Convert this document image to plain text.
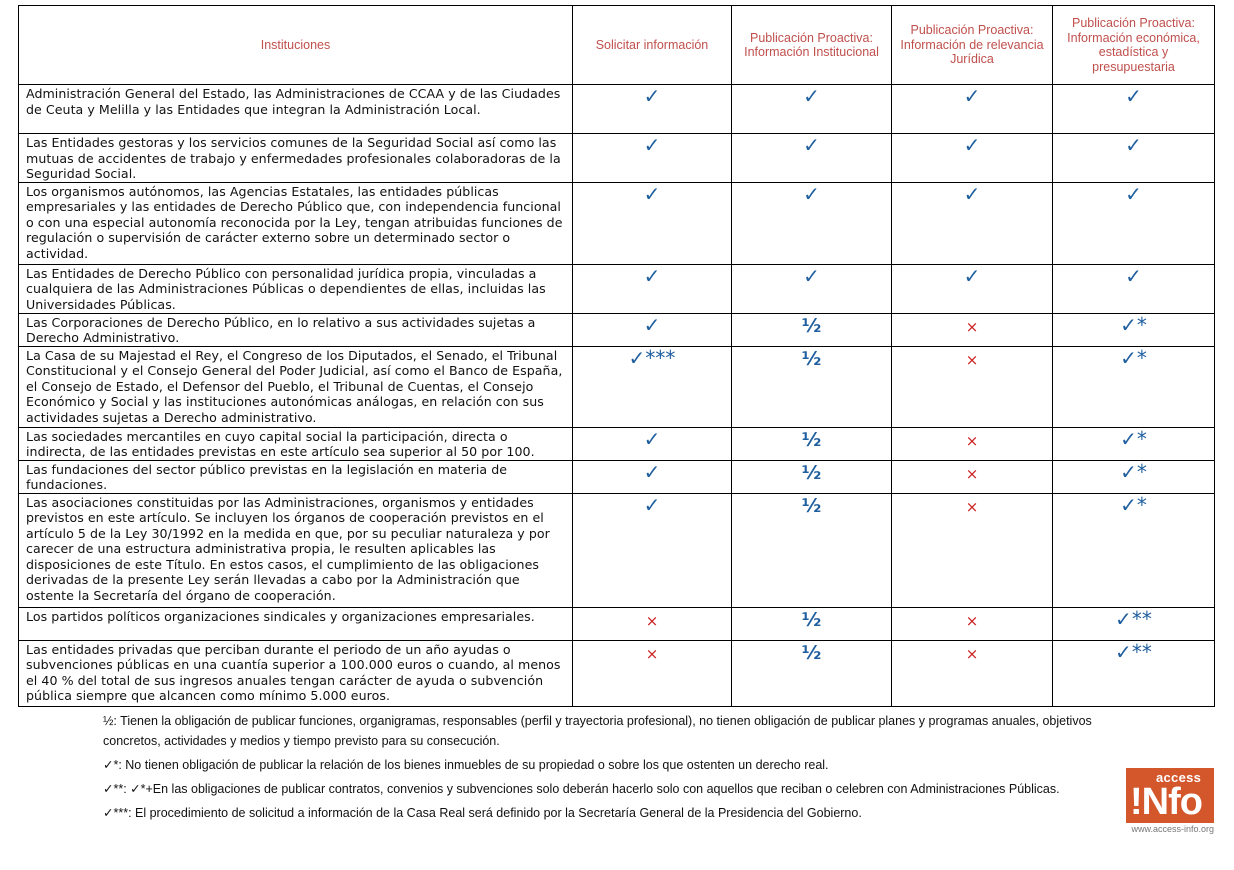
Instituciones	Solicitar información	Publicación Proactiva: Información Institucional	Publicación Proactiva: Información de relevancia Jurídica	Publicación Proactiva: Información económica, estadística y presupuestaria
Administración General del Estado, las Administraciones de CCAA y de las Ciudades de Ceuta y Melilla y las Entidades que integran la Administración Local.	✓	✓	✓	✓
Las Entidades gestoras y los servicios comunes de la Seguridad Social así como las mutuas de accidentes de trabajo y enfermedades profesionales colaboradoras de la Seguridad Social.	✓	✓	✓	✓
Los organismos autónomos, las Agencias Estatales, las entidades públicas empresariales y las entidades de Derecho Público que, con independencia funcional o con una especial autonomía reconocida por la Ley, tengan atribuidas funciones de regulación o supervisión de carácter externo sobre un determinado sector o actividad.	✓	✓	✓	✓
Las Entidades de Derecho Público con personalidad jurídica propia, vinculadas a cualquiera de las Administraciones Públicas o dependientes de ellas, incluidas las Universidades Públicas.	✓	✓	✓	✓
Las Corporaciones de Derecho Público, en lo relativo a sus actividades sujetas a Derecho Administrativo.	✓	½	×	✓*
La Casa de su Majestad el Rey, el Congreso de los Diputados, el Senado, el Tribunal Constitucional y el Consejo General del Poder Judicial, así como el Banco de España, el Consejo de Estado, el Defensor del Pueblo, el Tribunal de Cuentas, el Consejo Económico y Social y las instituciones autonómicas análogas, en relación con sus actividades sujetas a Derecho administrativo.	✓***	½	×	✓*
Las sociedades mercantiles en cuyo capital social la participación, directa o indirecta, de las entidades previstas en este artículo sea superior al 50 por 100.	✓	½	×	✓*
Las fundaciones del sector público previstas en la legislación en materia de fundaciones.	✓	½	×	✓*
Las asociaciones constituidas por las Administraciones, organismos y entidades previstos en este artículo. Se incluyen los órganos de cooperación previstos en el artículo 5 de la Ley 30/1992 en la medida en que, por su peculiar naturaleza y por carecer de una estructura administrativa propia, le resulten aplicables las disposiciones de este Título. En estos casos, el cumplimiento de las obligaciones derivadas de la presente Ley serán llevadas a cabo por la Administración que ostente la Secretaría del órgano de cooperación.	✓	½	×	✓*
Los partidos políticos organizaciones sindicales y organizaciones empresariales.	×	½	×	✓**
Las entidades privadas que perciban durante el periodo de un año ayudas o subvenciones públicas en una cuantía superior a 100.000 euros o cuando, al menos el 40 % del total de sus ingresos anuales tengan carácter de ayuda o subvención pública siempre que alcancen como mínimo 5.000 euros.	×	½	×	✓**

½: Tienen la obligación de publicar funciones, organigramas, responsables (perfil y trayectoria profesional), no tienen obligación de publicar planes y programas anuales, objetivos concretos, actividades y medios y tiempo previsto para su consecución.

✓*: No tienen obligación de publicar la relación de los bienes inmuebles de su propiedad o sobre los que ostenten un derecho real.

✓**: ✓*+En las obligaciones de publicar contratos, convenios y subvenciones solo deberán hacerlo solo con aquellos que reciban o celebren con Administraciones Públicas.

✓***: El procedimiento de solicitud a información de la Casa Real será definido por la Secretaría General de la Presidencia del Gobierno.

access
!Nfo
www.access-info.org
